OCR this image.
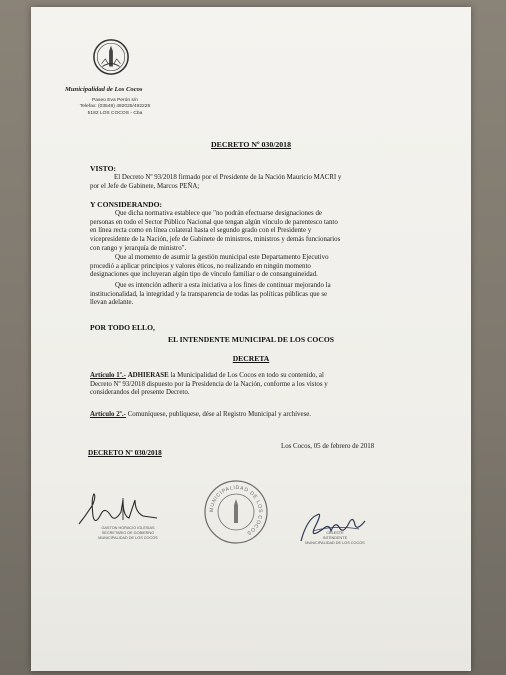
Municipalidad de Los Cocos

Paseo Eva Perón s/n
Telefax: (03548) 492025/492225
5182 LOS COCOS - Cba

DECRETO Nº 030/2018

VISTO:

El Decreto Nº 93/2018 firmado por el Presidente de la Nación Mauricio MACRI y

por el Jefe de Gabinete, Marcos PEÑA;

Y CONSIDERANDO:

Que dicha normativa establece que "no podrán efectuarse designaciones de
personas en todo el Sector Público Nacional que tengan algún vínculo de parentesco tanto
en línea recta como en línea colateral hasta el segundo grado con el Presidente y
vicepresidente de la Nación, jefe de Gabinete de ministros, ministros y demás funcionarios
con rango y jerarquía de ministro".
Que al momento de asumir la gestión municipal este Departamento Ejecutivo
procedió a aplicar principios y valores éticos, no realizando en ningún momento
designaciones que incluyeran algún tipo de vínculo familiar o de consanguineidad.
Que es intención adherir a esta iniciativa a los fines de continuar mejorando la
institucionalidad, la integridad y la transparencia de todas las políticas públicas que se
llevan adelante.

POR TODO ELLO,

EL INTENDENTE MUNICIPAL DE LOS COCOS

DECRETA

Artículo 1º.- ADHIERASE la Municipalidad de Los Cocos en todo su contenido, al
Decreto Nº 93/2018 dispuesto por la Presidencia de la Nación, conforme a los vistos y
considerandos del presente Decreto.
Artículo 2º.- Comuníquese, publíquese, dése al Registro Municipal y archívese.

Los Cocos, 05 de febrero de 2018

DECRETO Nº 030/2018

GASTON HORACIO IGLESIAS
SECRETARIO DE GOBIERNO
MUNICIPALIDAD DE LOS COCOS
MUNICIPALIDAD DE LOS COCOS	CELESTE
INTENDENTE
MUNICIPALIDAD DE LOS COCOS
